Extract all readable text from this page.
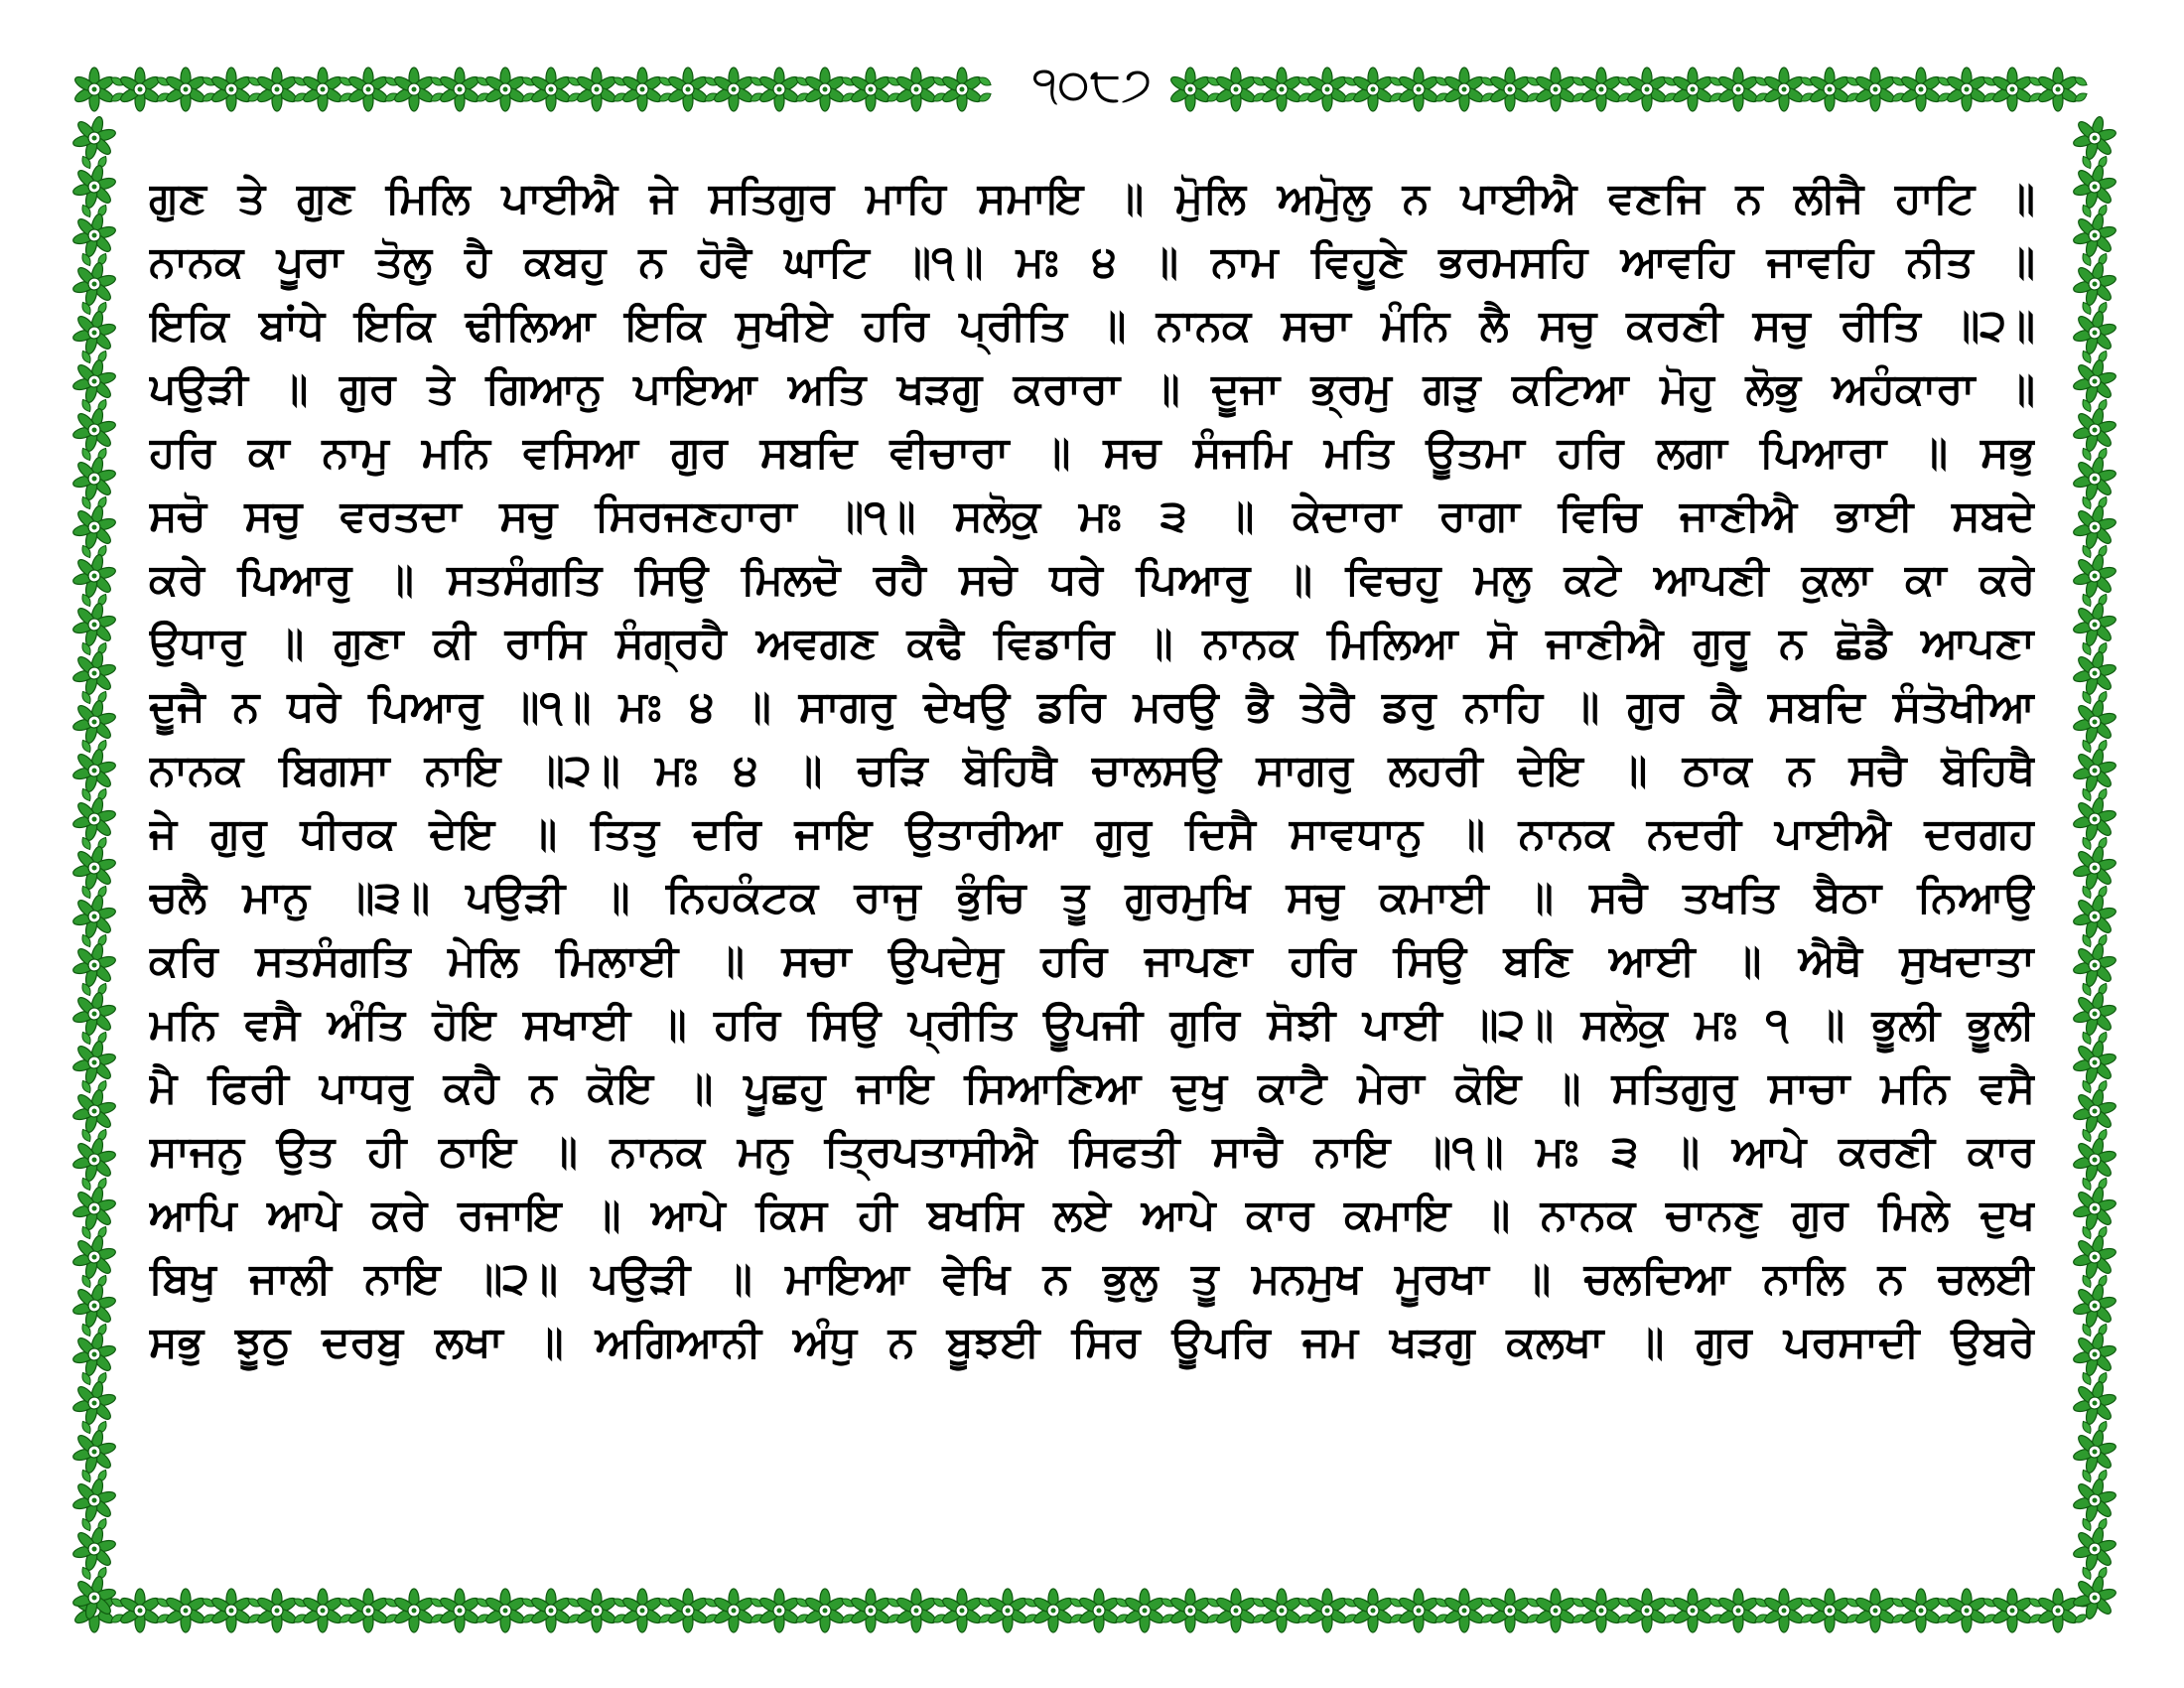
੧੦੮੭
ਗੁਣ ਤੇ ਗੁਣ ਮਿਲਿ ਪਾਈਐ ਜੇ ਸਤਿਗੁਰ ਮਾਹਿ ਸਮਾਇ ॥ ਮੋੁਲਿ ਅਮੋੁਲੁ ਨ ਪਾਈਐ ਵਣਜਿ ਨ ਲੀਜੈ ਹਾਟਿ ॥
ਨਾਨਕ ਪੂਰਾ ਤੋਲੁ ਹੈ ਕਬਹੁ ਨ ਹੋਵੈ ਘਾਟਿ ॥੧॥ ਮਃ ੪ ॥ ਨਾਮ ਵਿਹੂਣੇ ਭਰਮਸਹਿ ਆਵਹਿ ਜਾਵਹਿ ਨੀਤ ॥
ਇਕਿ ਬਾਂਧੇ ਇਕਿ ਢੀਲਿਆ ਇਕਿ ਸੁਖੀਏ ਹਰਿ ਪ੍ਰੀਤਿ ॥ ਨਾਨਕ ਸਚਾ ਮੰਨਿ ਲੈ ਸਚੁ ਕਰਣੀ ਸਚੁ ਰੀਤਿ ॥੨॥
ਪਉੜੀ ॥ ਗੁਰ ਤੇ ਗਿਆਨੁ ਪਾਇਆ ਅਤਿ ਖੜਗੁ ਕਰਾਰਾ ॥ ਦੂਜਾ ਭ੍ਰਮੁ ਗੜੁ ਕਟਿਆ ਮੋਹੁ ਲੋਭੁ ਅਹੰਕਾਰਾ ॥
ਹਰਿ ਕਾ ਨਾਮੁ ਮਨਿ ਵਸਿਆ ਗੁਰ ਸਬਦਿ ਵੀਚਾਰਾ ॥ ਸਚ ਸੰਜਮਿ ਮਤਿ ਊਤਮਾ ਹਰਿ ਲਗਾ ਪਿਆਰਾ ॥ ਸਭੁ
ਸਚੋ ਸਚੁ ਵਰਤਦਾ ਸਚੁ ਸਿਰਜਣਹਾਰਾ ॥੧॥ ਸਲੋਕੁ ਮਃ ੩ ॥ ਕੇਦਾਰਾ ਰਾਗਾ ਵਿਚਿ ਜਾਣੀਐ ਭਾਈ ਸਬਦੇ
ਕਰੇ ਪਿਆਰੁ ॥ ਸਤਸੰਗਤਿ ਸਿਉ ਮਿਲਦੋ ਰਹੈ ਸਚੇ ਧਰੇ ਪਿਆਰੁ ॥ ਵਿਚਹੁ ਮਲੁ ਕਟੇ ਆਪਣੀ ਕੁਲਾ ਕਾ ਕਰੇ
ਉਧਾਰੁ ॥ ਗੁਣਾ ਕੀ ਰਾਸਿ ਸੰਗ੍ਰਹੈ ਅਵਗਣ ਕਢੈ ਵਿਡਾਰਿ ॥ ਨਾਨਕ ਮਿਲਿਆ ਸੋ ਜਾਣੀਐ ਗੁਰੂ ਨ ਛੋਡੈ ਆਪਣਾ
ਦੂਜੈ ਨ ਧਰੇ ਪਿਆਰੁ ॥੧॥ ਮਃ ੪ ॥ ਸਾਗਰੁ ਦੇਖਉ ਡਰਿ ਮਰਉ ਭੈ ਤੇਰੈ ਡਰੁ ਨਾਹਿ ॥ ਗੁਰ ਕੈ ਸਬਦਿ ਸੰਤੋਖੀਆ
ਨਾਨਕ ਬਿਗਸਾ ਨਾਇ ॥੨॥ ਮਃ ੪ ॥ ਚੜਿ ਬੋਹਿਥੈ ਚਾਲਸਉ ਸਾਗਰੁ ਲਹਰੀ ਦੇਇ ॥ ਠਾਕ ਨ ਸਚੈ ਬੋਹਿਥੈ
ਜੇ ਗੁਰੁ ਧੀਰਕ ਦੇਇ ॥ ਤਿਤੁ ਦਰਿ ਜਾਇ ਉਤਾਰੀਆ ਗੁਰੁ ਦਿਸੈ ਸਾਵਧਾਨੁ ॥ ਨਾਨਕ ਨਦਰੀ ਪਾਈਐ ਦਰਗਹ
ਚਲੈ ਮਾਨੁ ॥੩॥ ਪਉੜੀ ॥ ਨਿਹਕੰਟਕ ਰਾਜੁ ਭੁੰਚਿ ਤੂ ਗੁਰਮੁਖਿ ਸਚੁ ਕਮਾਈ ॥ ਸਚੈ ਤਖਤਿ ਬੈਠਾ ਨਿਆਉ
ਕਰਿ ਸਤਸੰਗਤਿ ਮੇਲਿ ਮਿਲਾਈ ॥ ਸਚਾ ਉਪਦੇਸੁ ਹਰਿ ਜਾਪਣਾ ਹਰਿ ਸਿਉ ਬਣਿ ਆਈ ॥ ਐਥੈ ਸੁਖਦਾਤਾ
ਮਨਿ ਵਸੈ ਅੰਤਿ ਹੋਇ ਸਖਾਈ ॥ ਹਰਿ ਸਿਉ ਪ੍ਰੀਤਿ ਊਪਜੀ ਗੁਰਿ ਸੋਝੀ ਪਾਈ ॥੨॥ ਸਲੋਕੁ ਮਃ ੧ ॥ ਭੂਲੀ ਭੂਲੀ
ਮੈ ਫਿਰੀ ਪਾਧਰੁ ਕਹੈ ਨ ਕੋਇ ॥ ਪੂਛਹੁ ਜਾਇ ਸਿਆਣਿਆ ਦੁਖੁ ਕਾਟੈ ਮੇਰਾ ਕੋਇ ॥ ਸਤਿਗੁਰੁ ਸਾਚਾ ਮਨਿ ਵਸੈ
ਸਾਜਨੁ ਉਤ ਹੀ ਠਾਇ ॥ ਨਾਨਕ ਮਨੁ ਤ੍ਰਿਪਤਾਸੀਐ ਸਿਫਤੀ ਸਾਚੈ ਨਾਇ ॥੧॥ ਮਃ ੩ ॥ ਆਪੇ ਕਰਣੀ ਕਾਰ
ਆਪਿ ਆਪੇ ਕਰੇ ਰਜਾਇ ॥ ਆਪੇ ਕਿਸ ਹੀ ਬਖਸਿ ਲਏ ਆਪੇ ਕਾਰ ਕਮਾਇ ॥ ਨਾਨਕ ਚਾਨਣੁ ਗੁਰ ਮਿਲੇ ਦੁਖ
ਬਿਖੁ ਜਾਲੀ ਨਾਇ ॥੨॥ ਪਉੜੀ ॥ ਮਾਇਆ ਵੇਖਿ ਨ ਭੁਲੁ ਤੂ ਮਨਮੁਖ ਮੂਰਖਾ ॥ ਚਲਦਿਆ ਨਾਲਿ ਨ ਚਲਈ
ਸਭੁ ਝੂਠੁ ਦਰਬੁ ਲਖਾ ॥ ਅਗਿਆਨੀ ਅੰਧੁ ਨ ਬੂਝਈ ਸਿਰ ਊਪਰਿ ਜਮ ਖੜਗੁ ਕਲਖਾ ॥ ਗੁਰ ਪਰਸਾਦੀ ਉਬਰੇ
